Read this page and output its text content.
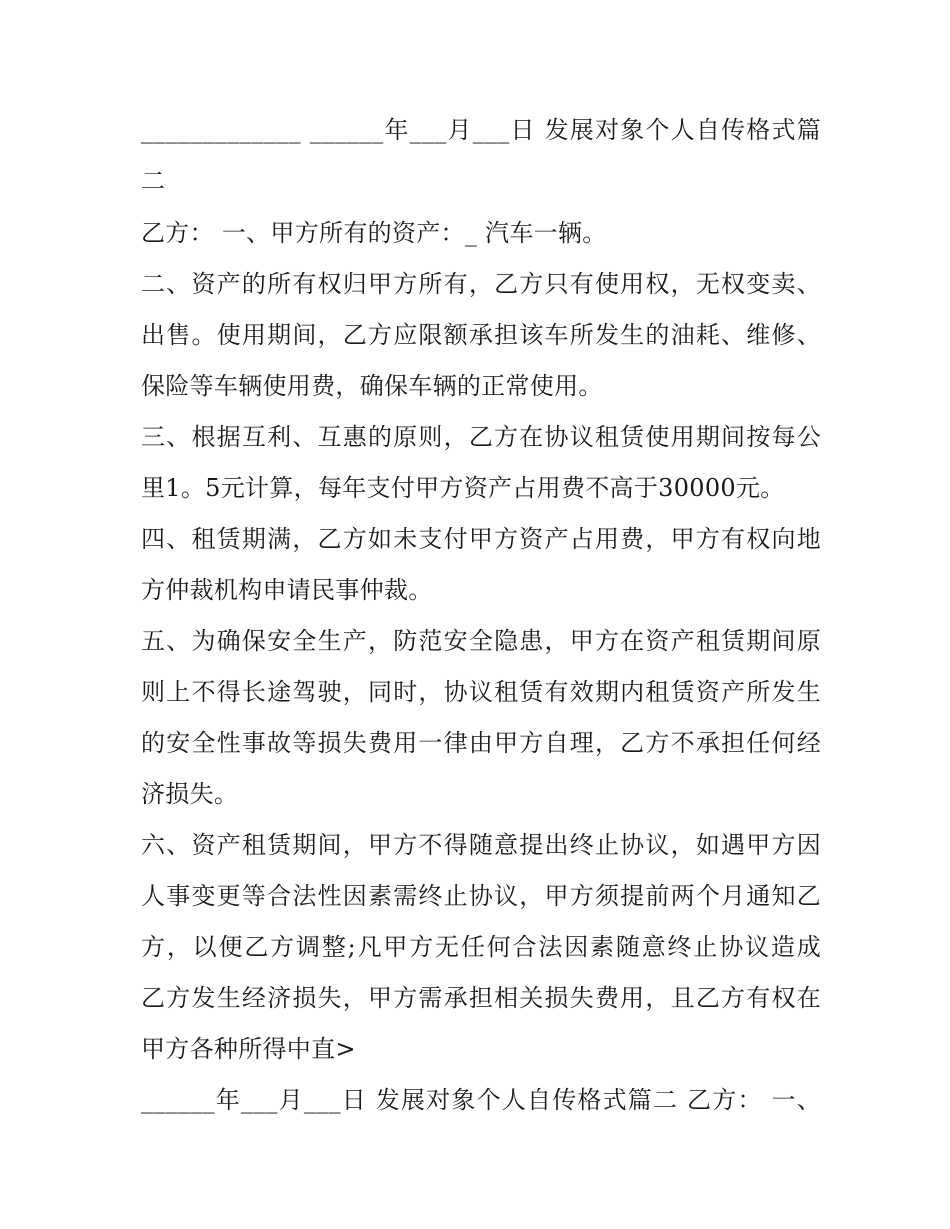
_____________ ______年___月___日 发展对象个人自传格式篇
二
乙方： 一、甲方所有的资产：_ 汽车一辆。
二、资产的所有权归甲方所有，乙方只有使用权，无权变卖、
出售。使用期间，乙方应限额承担该车所发生的油耗、维修、
保险等车辆使用费，确保车辆的正常使用。
三、根据互利、互惠的原则，乙方在协议租赁使用期间按每公
里1。5元计算，每年支付甲方资产占用费不高于30000元。
四、租赁期满，乙方如未支付甲方资产占用费，甲方有权向地
方仲裁机构申请民事仲裁。
五、为确保安全生产，防范安全隐患，甲方在资产租赁期间原
则上不得长途驾驶，同时，协议租赁有效期内租赁资产所发生
的安全性事故等损失费用一律由甲方自理，乙方不承担任何经
济损失。
六、资产租赁期间，甲方不得随意提出终止协议，如遇甲方因
人事变更等合法性因素需终止协议，甲方须提前两个月通知乙
方，以便乙方调整;凡甲方无任何合法因素随意终止协议造成
乙方发生经济损失，甲方需承担相关损失费用，且乙方有权在
甲方各种所得中直>
______年___月___日 发展对象个人自传格式篇二 乙方： 一、
